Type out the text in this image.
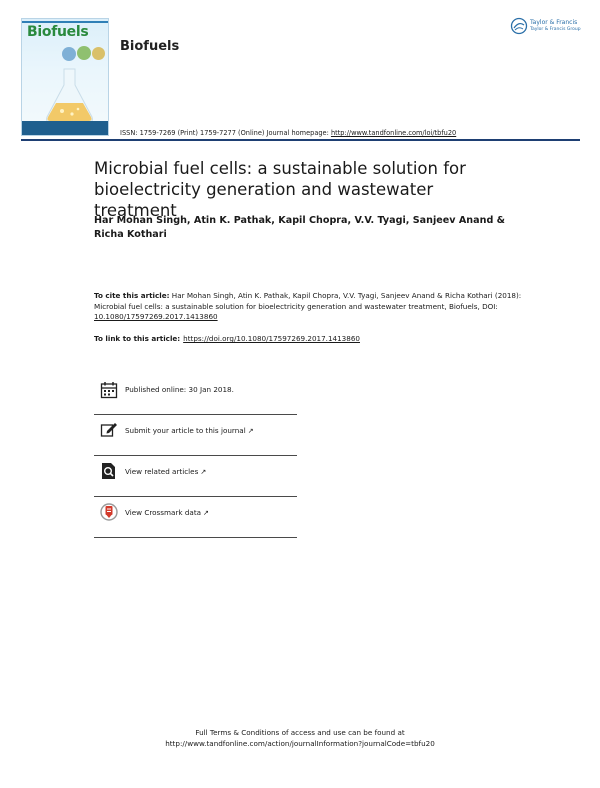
Biofuels
Biofuels
Taylor & Francis
Taylor & Francis Group
ISSN: 1759-7269 (Print) 1759-7277 (Online) Journal homepage: http://www.tandfonline.com/loi/tbfu20
Microbial fuel cells: a sustainable solution for bioelectricity generation and wastewater treatment
Har Mohan Singh, Atin K. Pathak, Kapil Chopra, V.V. Tyagi, Sanjeev Anand & Richa Kothari
To cite this article: Har Mohan Singh, Atin K. Pathak, Kapil Chopra, V.V. Tyagi, Sanjeev Anand & Richa Kothari (2018): Microbial fuel cells: a sustainable solution for bioelectricity generation and wastewater treatment, Biofuels, DOI: 10.1080/17597269.2017.1413860
To link to this article: https://doi.org/10.1080/17597269.2017.1413860
Published online: 30 Jan 2018.
Submit your article to this journal ↗
View related articles ↗
View Crossmark data ↗
Full Terms & Conditions of access and use can be found at
http://www.tandfonline.com/action/journalInformation?journalCode=tbfu20
